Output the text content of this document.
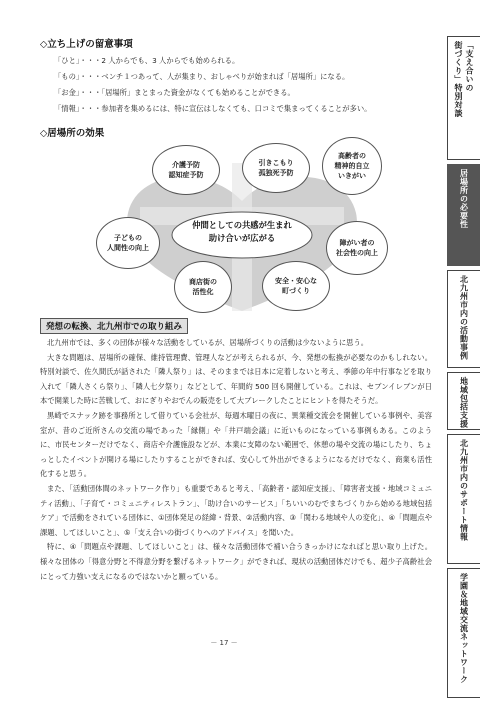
◇立ち上げの留意事項
「ひと」・・・2 人からでも、3 人からでも始められる。
「もの」・・・ベンチ１つあって、人が集まり、おしゃべりが始まれば「居場所」になる。
「お金」・・・「居場所」まとまった資金がなくても始めることができる。
「情報」・・・参加者を集めるには、特に宣伝はしなくても、口コミで集まってくることが多い。
◇居場所の効果
仲間としての共感が生まれ
助け合いが広がる
介護予防
認知症予防
引きこもり
孤独死予防
高齢者の
精神的自立
いきがい
子どもの
人間性の向上
障がい者の
社会性の向上
商店街の
活性化
安全・安心な
町づくり
発想の転換、北九州市での取り組み

北九州市では、多くの団体が様々な活動をしているが、居場所づくりの活動は少ないように思う。

大きな問題は、居場所の確保、維持管理費、管理人などが考えられるが、今、発想の転換が必要なのかもしれない。特別対談で、佐久間氏が話された「隣人祭り」は、そのままでは日本に定着しないと考え、季節の年中行事などを取り入れて「隣人さくら祭り」、「隣人七夕祭り」などとして、年間約 500 回も開催している。これは、セブンイレブンが日本で開業した時に苦戦して、おにぎりやおでんの販売をして大ブレークしたことにヒントを得たそうだ。

黒崎でスナック跡を事務所として借りている会社が、毎週木曜日の夜に、異業種交流会を開催している事例や、美容室が、昔のご近所さんの交流の場であった「縁側」や「井戸端会議」に近いものになっている事例もある。このように、市民センターだけでなく、商店や介護施設などが、本業に支障のない範囲で、休憩の場や交流の場にしたり、ちょっとしたイベントが開ける場にしたりすることができれば、安心して外出ができるようになるだけでなく、商業も活性化すると思う。

また、「活動団体間のネットワーク作り」も重要であると考え、「高齢者・認知症支援」、「障害者支援・地域コミュニティ活動」、「子育て・コミュニティレストラン」、「助け合いのサービス」「ちいいのむでまちづくりから始める地域包括ケア」で活動をされている団体に、①団体発足の経緯・背景、②活動内容、③「関わる地域や人の変化」、④「問題点や課題、してほしいこと」、⑤「支え合いの街づくりへのアドバイス」を聞いた。

特に、④「問題点や課題、してほしいこと」は、様々な活動団体で補い合うきっかけになればと思い取り上げた。様々な団体の「得意分野と不得意分野を繋げるネットワーク」ができれば、現状の活動団体だけでも、超少子高齢社会にとって力強い支えになるのではないかと願っている。

－ 17 －
「支え合いの
街づくり」特別対談
居場所の必要性
北九州市内の活動事例
地域包括支援
北九州市内のサポート情報
学園＆地域交流ネットワーク
